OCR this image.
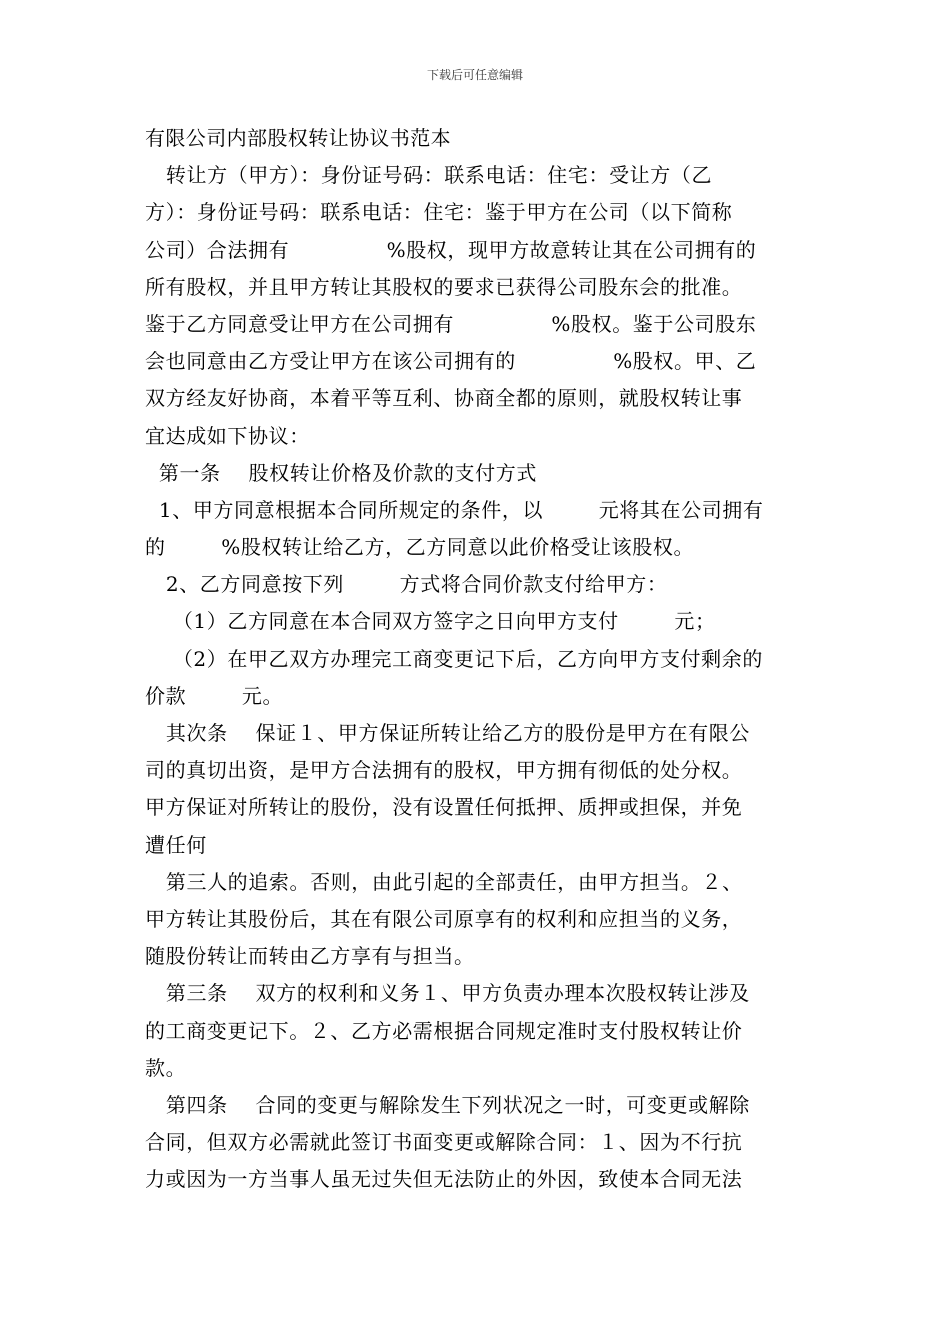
下载后可任意编辑
有限公司内部股权转让协议书范本
转让方（甲方）：身份证号码：联系电话：住宅：受让方（乙
方）：身份证号码：联系电话：住宅：鉴于甲方在公司（以下简称
公司）合法拥有              %股权，现甲方故意转让其在公司拥有的
所有股权，并且甲方转让其股权的要求已获得公司股东会的批准。
鉴于乙方同意受让甲方在公司拥有              %股权。鉴于公司股东
会也同意由乙方受让甲方在该公司拥有的              %股权。甲、乙
双方经友好协商，本着平等互利、协商全都的原则，就股权转让事
宜达成如下协议：
第一条    股权转让价格及价款的支付方式
1、甲方同意根据本合同所规定的条件，以        元将其在公司拥有
的        %股权转让给乙方，乙方同意以此价格受让该股权。
2、乙方同意按下列        方式将合同价款支付给甲方：
（1）乙方同意在本合同双方签字之日向甲方支付        元；
（2）在甲乙双方办理完工商变更记下后，乙方向甲方支付剩余的
价款        元。
其次条    保证１、甲方保证所转让给乙方的股份是甲方在有限公
司的真切出资，是甲方合法拥有的股权，甲方拥有彻低的处分权。
甲方保证对所转让的股份，没有设置任何抵押、质押或担保，并免
遭任何
第三人的追索。否则，由此引起的全部责任，由甲方担当。２、
甲方转让其股份后，其在有限公司原享有的权利和应担当的义务，
随股份转让而转由乙方享有与担当。
第三条    双方的权利和义务１、甲方负责办理本次股权转让涉及
的工商变更记下。２、乙方必需根据合同规定准时支付股权转让价
款。
第四条    合同的变更与解除发生下列状况之一时，可变更或解除
合同，但双方必需就此签订书面变更或解除合同：１、因为不行抗
力或因为一方当事人虽无过失但无法防止的外因，致使本合同无法
